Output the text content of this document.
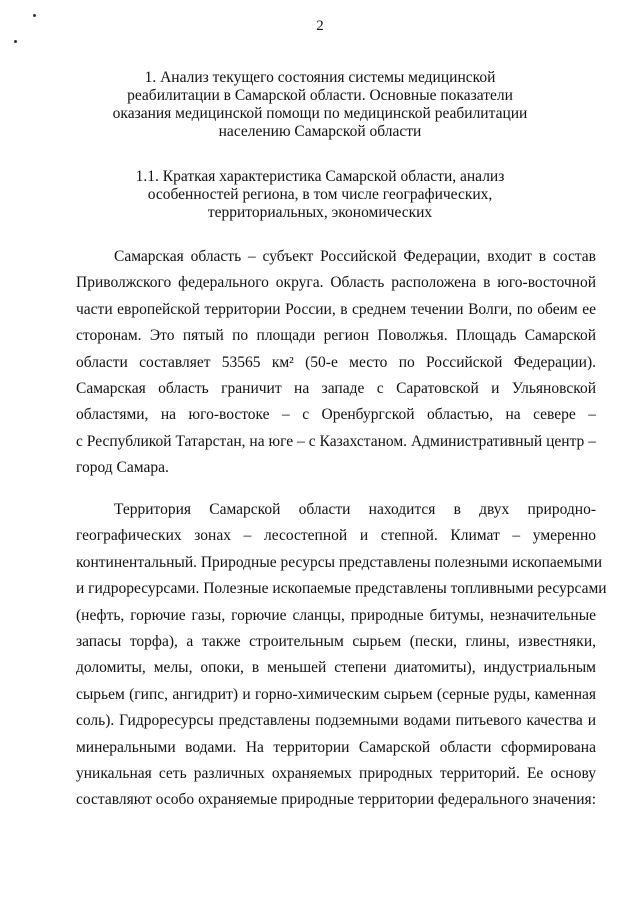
2
1. Анализ текущего состояния системы медицинской
реабилитации в Самарской области. Основные показатели
оказания медицинской помощи по медицинской реабилитации
населению Самарской области
1.1. Краткая характеристика Самарской области, анализ
особенностей региона, в том числе географических,
территориальных, экономических
Самарская область – субъект Российской Федерации, входит в состав
Приволжского федерального округа. Область расположена в юго-восточной
части европейской территории России, в среднем течении Волги, по обеим ее
сторонам. Это пятый по площади регион Поволжья. Площадь Самарской
области составляет 53565 км² (50-е место по Российской Федерации).
Самарская область граничит на западе с Саратовской и Ульяновской
областями, на юго-востоке – с Оренбургской областью, на севере –
с Республикой Татарстан, на юге – с Казахстаном. Административный центр –
город Самара.
Территория Самарской области находится в двух природно-
географических зонах – лесостепной и степной. Климат – умеренно
континентальный. Природные ресурсы представлены полезными ископаемыми
и гидроресурсами. Полезные ископаемые представлены топливными ресурсами
(нефть, горючие газы, горючие сланцы, природные битумы, незначительные
запасы торфа), а также строительным сырьем (пески, глины, известняки,
доломиты, мелы, опоки, в меньшей степени диатомиты), индустриальным
сырьем (гипс, ангидрит) и горно-химическим сырьем (серные руды, каменная
соль). Гидроресурсы представлены подземными водами питьевого качества и
минеральными водами. На территории Самарской области сформирована
уникальная сеть различных охраняемых природных территорий. Ее основу
составляют особо охраняемые природные территории федерального значения:
